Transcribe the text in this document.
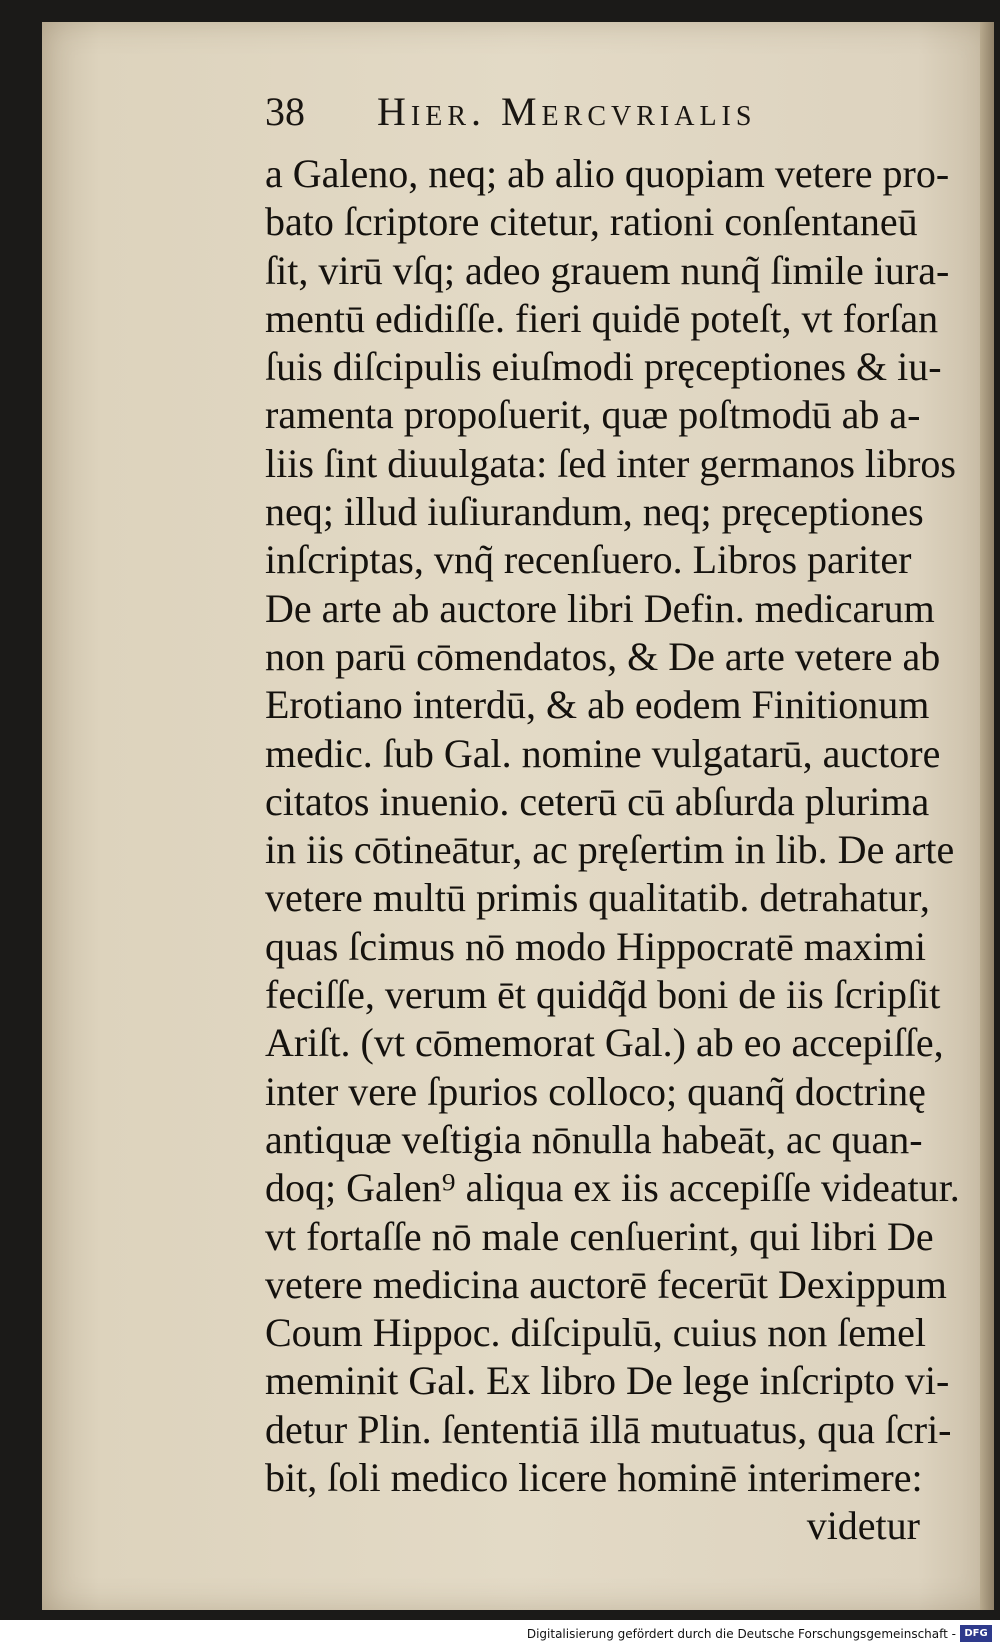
38 Hier. Mercvrialis
a Galeno, neq; ab alio quopiam vetere pro-
bato ſcriptore citetur, rationi conſentaneū
ſit, virū vſq; adeo grauem nunq̃ ſimile iura-
mentū edidiſſe. fieri quidē poteſt, vt forſan
ſuis diſcipulis eiuſmodi pręceptiones & iu-
ramenta propoſuerit, quæ poſtmodū ab a-
liis ſint diuulgata: ſed inter germanos libros
neq; illud iuſiurandum, neq; pręceptiones
inſcriptas, vnq̃ recenſuero. Libros pariter
De arte ab auctore libri Defin. medicarum
non parū cōmendatos, & De arte vetere ab
Erotiano interdū, & ab eodem Finitionum
medic. ſub Gal. nomine vulgatarū, auctore
citatos inuenio. ceterū cū abſurda plurima
in iis cōtineātur, ac pręſertim in lib. De arte
vetere multū primis qualitatib. detrahatur,
quas ſcimus nō modo Hippocratē maximi
feciſſe, verum ēt quidq̃d boni de iis ſcripſit
Ariſt. (vt cōmemorat Gal.) ab eo accepiſſe,
inter vere ſpurios colloco; quanq̃ doctrinę
antiquæ veſtigia nōnulla habeāt, ac quan-
doq; Galen⁹ aliqua ex iis accepiſſe videatur.
vt fortaſſe nō male cenſuerint, qui libri De
vetere medicina auctorē fecerūt Dexippum
Coum Hippoc. diſcipulū, cuius non ſemel
meminit Gal. Ex libro De lege inſcripto vi-
detur Plin. ſententiā illā mutuatus, qua ſcri-
bit, ſoli medico licere hominē interimere:
videtur
Digitalisierung gefördert durch die Deutsche Forschungsgemeinschaft - DFG
